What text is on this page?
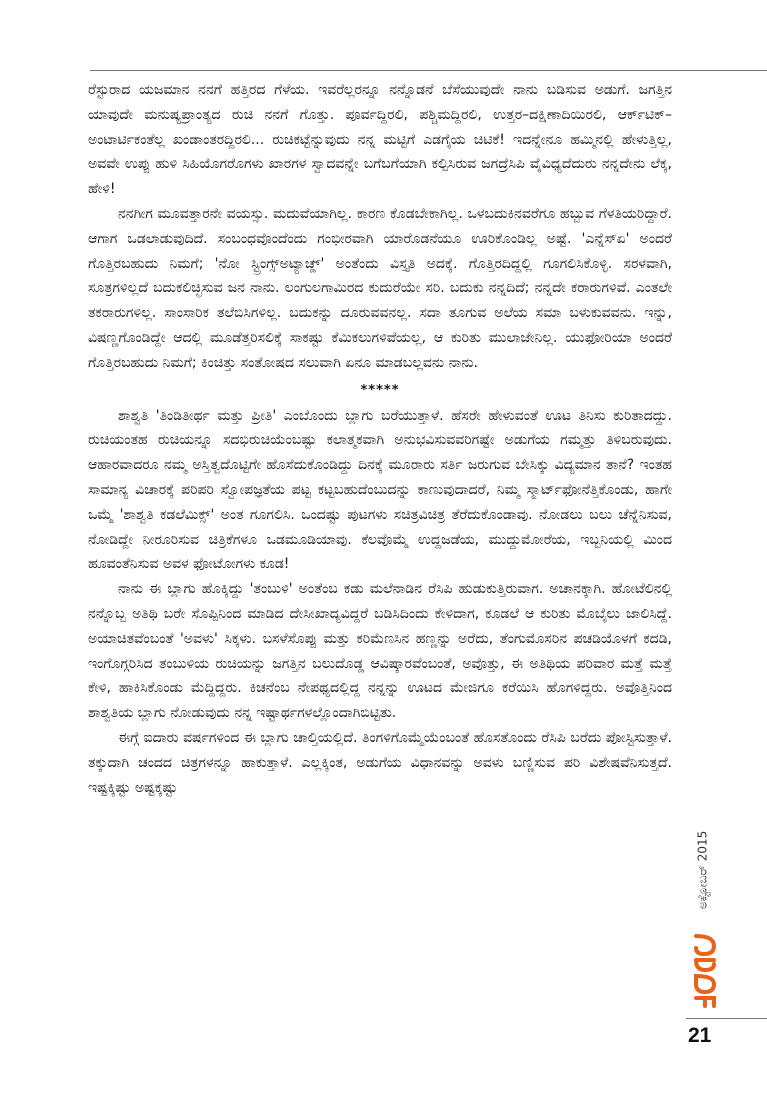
ರೆಸ್ಟುರಾದ ಯಜಮಾನ ನನಗೆ ಹತ್ತಿರದ ಗೆಳೆಯ. ಇವರೆಲ್ಲರನ್ನೂ ನನ್ನೊಡನೆ ಬೆಸೆಯುವುದೇ ನಾನು ಬಡಿಸುವ ಅಡುಗೆ. ಜಗತ್ತಿನ ಯಾವುದೇ ಮನುಷ್ಯಪ್ರಾಂತ್ಯದ ರುಚಿ ನನಗೆ ಗೊತ್ತು. ಪೂರ್ವದ್ದಿರಲಿ, ಪಶ್ಚಿಮದ್ದಿರಲಿ, ಉತ್ತರ–ದಕ್ಷಿಣಾದಿಯಿರಲಿ, ಆರ್ಕ್‌ಟಿಕ್–ಅಂಟಾರ್ಟಿಕಂತೆಲ್ಲ ಖಂಡಾಂತರದ್ದಿರಲಿ... ರುಚಿಕಟ್ಟೆನ್ನುವುದು ನನ್ನ ಮಟ್ಟಿಗೆ ಎಡಗೈಯ ಚಿಟಿಕೆ! ಇದನ್ನೇನೂ ಹಮ್ಮಿನಲ್ಲಿ ಹೇಳುತ್ತಿಲ್ಲ, ಅವವೇ ಉಪ್ಪು ಹುಳಿ ಸಿಹಿಯೊಗರೊಗಳು ಖಾರಗಳ ಸ್ವಾದವನ್ನೇ ಬಗೆಬಗೆಯಾಗಿ ಕಲ್ಪಿಸಿರುವ ಜಗದ್ರೆಸಿಪಿ ವೈವಿಧ್ಯದೆದುರು ನನ್ನದೇನು ಲೆಕ್ಕ, ಹೇಳಿ!

ನನಗೀಗ ಮೂವತ್ತಾರನೇ ವಯಸ್ಸು. ಮದುವೆಯಾಗಿಲ್ಲ. ಕಾರಣ ಕೊಡಬೇಕಾಗಿಲ್ಲ. ಒಳಬದುಕಿನವರೆಗೂ ಹಬ್ಬುವ ಗೆಳತಿಯರಿದ್ದಾರೆ. ಆಗಾಗ ಒಡಲಾಡುವುದಿದೆ. ಸಂಬಂಧವೊಂದೆಂದು ಗಂಭೀರವಾಗಿ ಯಾರೊಡನೆಯೂ ಊರಿಕೊಂಡಿಲ್ಲ ಅಷ್ಟೆ. 'ಎನ್ನೆಸ್‌ಏ' ಅಂದರೆ ಗೊತ್ತಿರಬಹುದು ನಿಮಗೆ; 'ನೋ ಸ್ಟ್ರಿಂಗ್ಸ್‌ಅಟ್ಯಾಚ್ಡ್' ಅಂತೆಂದು ವಿಸ್ತೃತಿ ಅದಕ್ಕೆ. ಗೊತ್ತಿರದಿದ್ದಲ್ಲಿ ಗೂಗಲಿಸಿಕೊಳ್ಳಿ. ಸರಳವಾಗಿ, ಸೂತ್ರಗಳಿಲ್ಲದೆ ಬದುಕಲಿಚ್ಛಿಸುವ ಜನ ನಾನು. ಲಂಗುಲಗಾಮಿರದ ಕುದುರೆಯೇ ಸರಿ. ಬದುಕು ನನ್ನದಿದೆ; ನನ್ನದೇ ಕರಾರುಗಳಿವೆ. ಎಂತಲೇ ತಕರಾರುಗಳಿಲ್ಲ. ಸಾಂಸಾರಿಕ ತಲೆಬಿಸಿಗಳಿಲ್ಲ. ಬದುಕನ್ನು ದೂರುವವನಲ್ಲ. ಸದಾ ತೂಗುವ ಅಲೆಯ ಸಮಾ ಬಳುಕುವವನು. ಇನ್ನು, ವಿಷಣ್ಣಗೊಂಡಿದ್ದೇ ಆದಲ್ಲಿ ಮೂಡೆತ್ತರಿಸಲಿಕ್ಕೆ ಸಾಕಷ್ಟು ಕೆಮಿಕಲುಗಳಿವೆಯಲ್ಲ, ಆ ಕುರಿತು ಮುಲಾಜೇನಿಲ್ಲ. ಯುಫೋರಿಯಾ ಅಂದರೆ ಗೊತ್ತಿರಬಹುದು ನಿಮಗೆ; ಕಿಂಚಿತ್ತು ಸಂತೋಷದ ಸಲುವಾಗಿ ಏನೂ ಮಾಡಬಲ್ಲವನು ನಾನು.

*****

ಶಾಶ್ವತಿ 'ತಿಂಡಿತೀರ್ಥ ಮತ್ತು ಪ್ರೀತಿ' ಎಂಬೊಂದು ಬ್ಲಾಗು ಬರೆಯುತ್ತಾಳೆ. ಹೆಸರೇ ಹೇಳುವಂತೆ ಊಟ ತಿನಿಸು ಕುರಿತಾದದ್ದು. ರುಚಿಯಂತಹ ರುಚಿಯನ್ನೂ ಸದಭಿರುಚಿಯೆಂಬಷ್ಟು ಕಲಾತ್ಮಕವಾಗಿ ಅನುಭವಿಸುವವರಿಗಷ್ಟೇ ಅಡುಗೆಯ ಗಮ್ಮತ್ತು ತಿಳಿಬರುವುದು. ಆಹಾರವಾದರೂ ನಮ್ಮ ಅಸ್ತಿತ್ವದೊಟ್ಟಿಗೇ ಹೊಸೆದುಕೊಂಡಿದ್ದು ದಿನಕ್ಕೆ ಮೂರಾರು ಸರ್ತಿ ಜರುಗುವ ಬೇಸಿಕ್ಕು ವಿದ್ಯಮಾನ ತಾನೆ? ಇಂತಹ ಸಾಮಾನ್ಯ ವಿಚಾರಕ್ಕೆ ಪರಿಪರಿ ಸ್ವೋಪಜ್ಞತೆಯ ಪಟ್ಟ ಕಟ್ಟಬಹುದೆಂಬುದನ್ನು ಕಾಣುವುದಾದರೆ, ನಿಮ್ಮ ಸ್ಮಾರ್ಟ್‌ಫೋನೆತ್ತಿಕೊಂಡು, ಹಾಗೇ ಒಮ್ಮೆ 'ಶಾಶ್ವತಿ ಕಡಲೆಮಿಕ್ಸ್' ಅಂತ ಗೂಗಲಿಸಿ. ಒಂದಷ್ಟು ಪುಟಗಳು ಸಚಿತ್ರವಿಚಿತ್ರ ತೆರೆದುಕೊಂಡಾವು. ನೋಡಲು ಬಲು ಚೆನ್ನೆನಿಸುವ, ನೋಡಿದ್ದೇ ನೀರೂರಿಸುವ ಚಿತ್ರಿಕೆಗಳೂ ಒಡಮೂಡಿಯಾವು. ಕೆಲವೊಮ್ಮೆ ಉದ್ದಜಡೆಯ, ಮುದ್ದುಮೋರೆಯ, ಇಬ್ಬನಿಯಲ್ಲಿ ಮಿಂದ ಹೂವಂತೆನಿಸುವ ಅವಳ ಫೋಟೋಗಳು ಕೂಡ!

ನಾನು ಈ ಬ್ಲಾಗು ಹೊಕ್ಕಿದ್ದು 'ತಂಬುಳಿ' ಅಂತೆಂಬ ಕಡು ಮಲೆನಾಡಿನ ರೆಸಿಪಿ ಹುಡುಕುತ್ತಿರುವಾಗ. ಅಚಾನಕ್ಕಾಗಿ. ಹೋಟೆಲಿನಲ್ಲಿ ನನ್ನೊಬ್ಬ ಅತಿಥಿ ಬರೇ ಸೊಪ್ಪಿನಿಂದ ಮಾಡಿದ ದೇಸೀಖಾದ್ಯವಿದ್ದರೆ ಬಡಿಸಿದಿಂದು ಕೇಳಿದಾಗ, ಕೂಡಲೆ ಆ ಕುರಿತು ಮೊಬೈಲು ಜಾಲಿಸಿದ್ದೆ. ಅಯಾಚಿತವೆಂಬಂತೆ 'ಅವಳು' ಸಿಕ್ಕಳು. ಬಸಳೆಸೊಪ್ಪು ಮತ್ತು ಕರಿಮೆಣಸಿನ ಹಣ್ಣನ್ನು ಅರೆದು, ತೆಂಗುಮೊಸರಿನ ಪಚಡಿಯೊಳಗೆ ಕದಡಿ, ಇಂಗೊಗ್ಗರಿಸಿದ ತಂಬುಳಿಯ ರುಚಿಯನ್ನು ಜಗತ್ತಿನ ಬಲುದೊಡ್ಡ ಆವಿಷ್ಕಾರವೆಂಬಂತೆ, ಅವೊತ್ತು, ಈ ಅತಿಥಿಯ ಪರಿವಾರ ಮತ್ತೆ ಮತ್ತೆ ಕೇಳಿ, ಹಾಕಿಸಿಕೊಂಡು ಮೆದ್ದಿದ್ದರು. ಕಿಚನೆಂಬ ನೇಪಥ್ಯದಲ್ಲಿದ್ದ ನನ್ನನ್ನು ಊಟದ ಮೇಜಿಗೂ ಕರೆಯಿಸಿ ಹೊಗಳಿದ್ದರು. ಅವೊತ್ತಿನಿಂದ ಶಾಶ್ವತಿಯ ಬ್ಲಾಗು ನೋಡುವುದು ನನ್ನ ಇಷ್ಟಾರ್ಥಗಳಲ್ಲೊಂದಾಗಿಬಿಟ್ಟಿತು.

ಈಗ್ಗೆ ಐದಾರು ವರ್ಷಗಳಿಂದ ಈ ಬ್ಲಾಗು ಚಾಲ್ತಿಯಲ್ಲಿದೆ. ತಿಂಗಳಿಗೊಮ್ಮೆಯೆಂಬಂತೆ ಹೊಸತೊಂದು ರೆಸಿಪಿ ಬರೆದು ಪೋಸ್ಟಿಸುತ್ತಾಳೆ. ತಕ್ಕುದಾಗಿ ಚಂದದ ಚಿತ್ರಗಳನ್ನೂ ಹಾಕುತ್ತಾಳೆ. ಎಲ್ಲಕ್ಕಿಂತ, ಅಡುಗೆಯ ವಿಧಾನವನ್ನು ಅವಳು ಬಣ್ಣಿಸುವ ಪರಿ ವಿಶೇಷವೆನಿಸುತ್ತದೆ. ಇಷ್ಟಕ್ಕಿಷ್ಟು ಅಷ್ಟಕ್ಕಷ್ಟು

ಅಕ್ಟೋಬರ್ 2015
21
